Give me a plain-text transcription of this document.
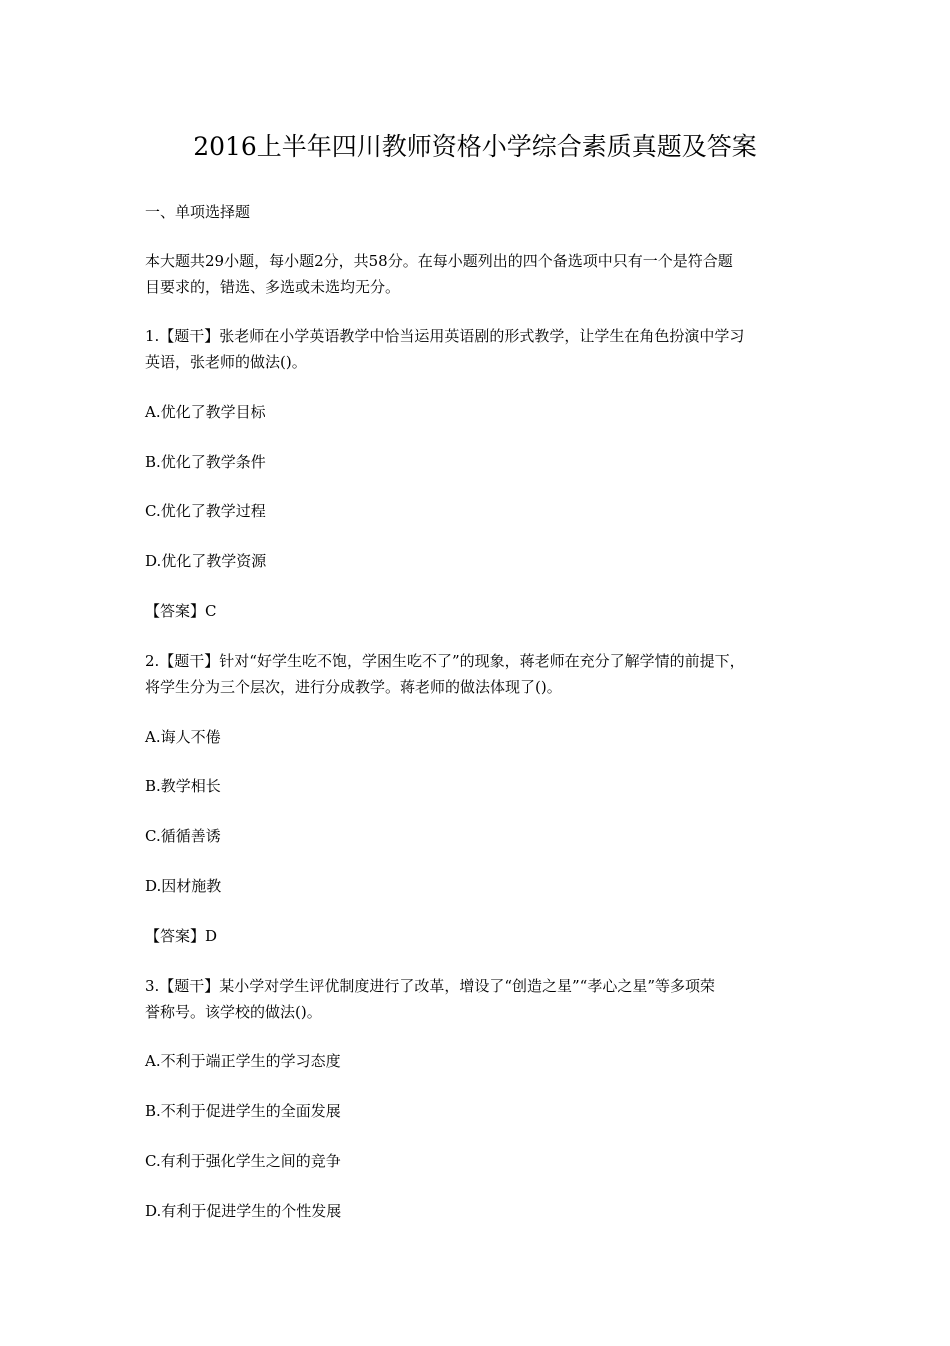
2016上半年四川教师资格小学综合素质真题及答案
一、单项选择题
本大题共29小题，每小题2分，共58分。在每小题列出的四个备选项中只有一个是符合题
目要求的，错选、多选或未选均无分。
1.【题干】张老师在小学英语教学中恰当运用英语剧的形式教学，让学生在角色扮演中学习
英语，张老师的做法()。
A.优化了教学目标
B.优化了教学条件
C.优化了教学过程
D.优化了教学资源
【答案】C
2.【题干】针对“好学生吃不饱，学困生吃不了”的现象，蒋老师在充分了解学情的前提下，
将学生分为三个层次，进行分成教学。蒋老师的做法体现了()。
A.诲人不倦
B.教学相长
C.循循善诱
D.因材施教
【答案】D
3.【题干】某小学对学生评优制度进行了改革，增设了“创造之星”“孝心之星”等多项荣
誉称号。该学校的做法()。
A.不利于端正学生的学习态度
B.不利于促进学生的全面发展
C.有利于强化学生之间的竞争
D.有利于促进学生的个性发展
